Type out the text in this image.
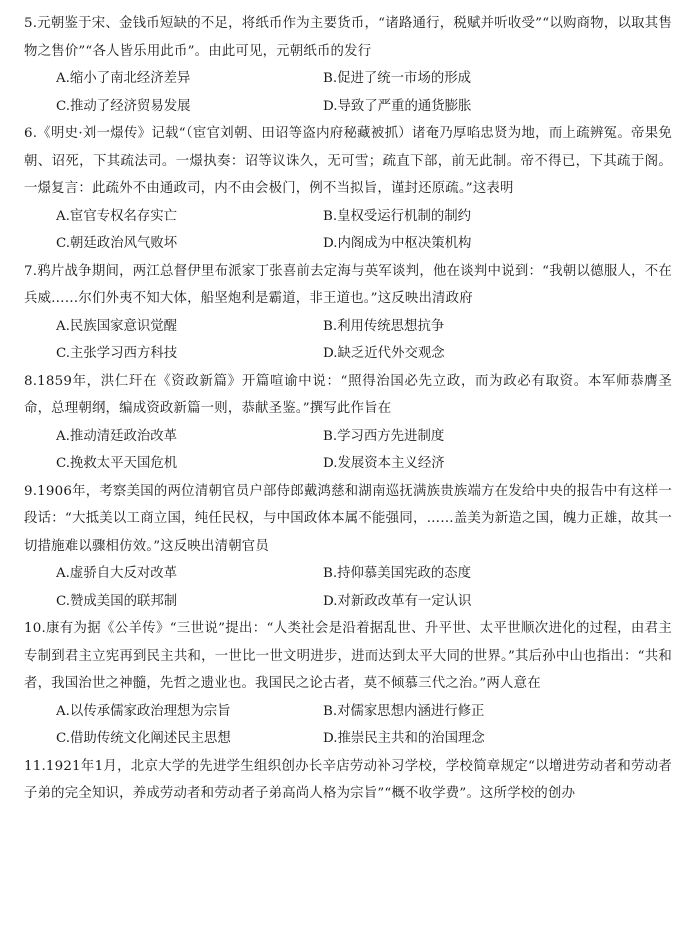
5.元朝鉴于宋、金钱币短缺的不足，将纸币作为主要货币，“诸路通行，税赋并听收受”“以购商物，以取其售物之售价”“各人皆乐用此币”。由此可见，元朝纸币的发行

A.缩小了南北经济差异	B.促进了统一市场的形成
C.推动了经济贸易发展	D.导致了严重的通货膨胀

6.《明史·刘一燝传》记载“（宦官刘朝、田诏等盗内府秘藏被抓）诸奄乃厚啗忠贤为地，而上疏辨冤。帝果免朝、诏死，下其疏法司。一燝执奏：诏等议诛久，无可雪；疏直下部，前无此制。帝不得已，下其疏于阁。一燝复言：此疏外不由通政司，内不由会极门，例不当拟旨，谨封还原疏。”这表明

A.宦官专权名存实亡	B.皇权受运行机制的制约
C.朝廷政治风气败坏	D.内阁成为中枢决策机构

7.鸦片战争期间，两江总督伊里布派家丁张喜前去定海与英军谈判，他在谈判中说到：“我朝以德服人，不在兵威……尔们外夷不知大体，船坚炮利是霸道，非王道也。”这反映出清政府

A.民族国家意识觉醒	B.利用传统思想抗争
C.主张学习西方科技	D.缺乏近代外交观念

8.1859年，洪仁玕在《资政新篇》开篇喧谕中说：“照得治国必先立政，而为政必有取资。本军师恭膺圣命，总理朝纲，编成资政新篇一则，恭献圣鉴。”撰写此作旨在

A.推动清廷政治改革	B.学习西方先进制度
C.挽救太平天国危机	D.发展资本主义经济

9.1906年，考察美国的两位清朝官员户部侍郎戴鸿慈和湖南巡抚满族贵族端方在发给中央的报告中有这样一段话：“大抵美以工商立国，纯任民权，与中国政体本属不能强同，……盖美为新造之国，魄力正雄，故其一切措施难以骤相仿效。”这反映出清朝官员

A.虚骄自大反对改革	B.持仰慕美国宪政的态度
C.赞成美国的联邦制	D.对新政改革有一定认识

10.康有为据《公羊传》“三世说”提出：“人类社会是沿着据乱世、升平世、太平世顺次进化的过程，由君主专制到君主立宪再到民主共和，一世比一世文明进步，进而达到太平大同的世界。”其后孙中山也指出：“共和者，我国治世之神髓，先哲之遗业也。我国民之论古者，莫不倾慕三代之治。”两人意在

A.以传承儒家政治理想为宗旨	B.对儒家思想内涵进行修正
C.借助传统文化阐述民主思想	D.推崇民主共和的治国理念

11.1921年1月，北京大学的先进学生组织创办长辛店劳动补习学校，学校简章规定“以增进劳动者和劳动者子弟的完全知识，养成劳动者和劳动者子弟高尚人格为宗旨”“概不收学费”。这所学校的创办
